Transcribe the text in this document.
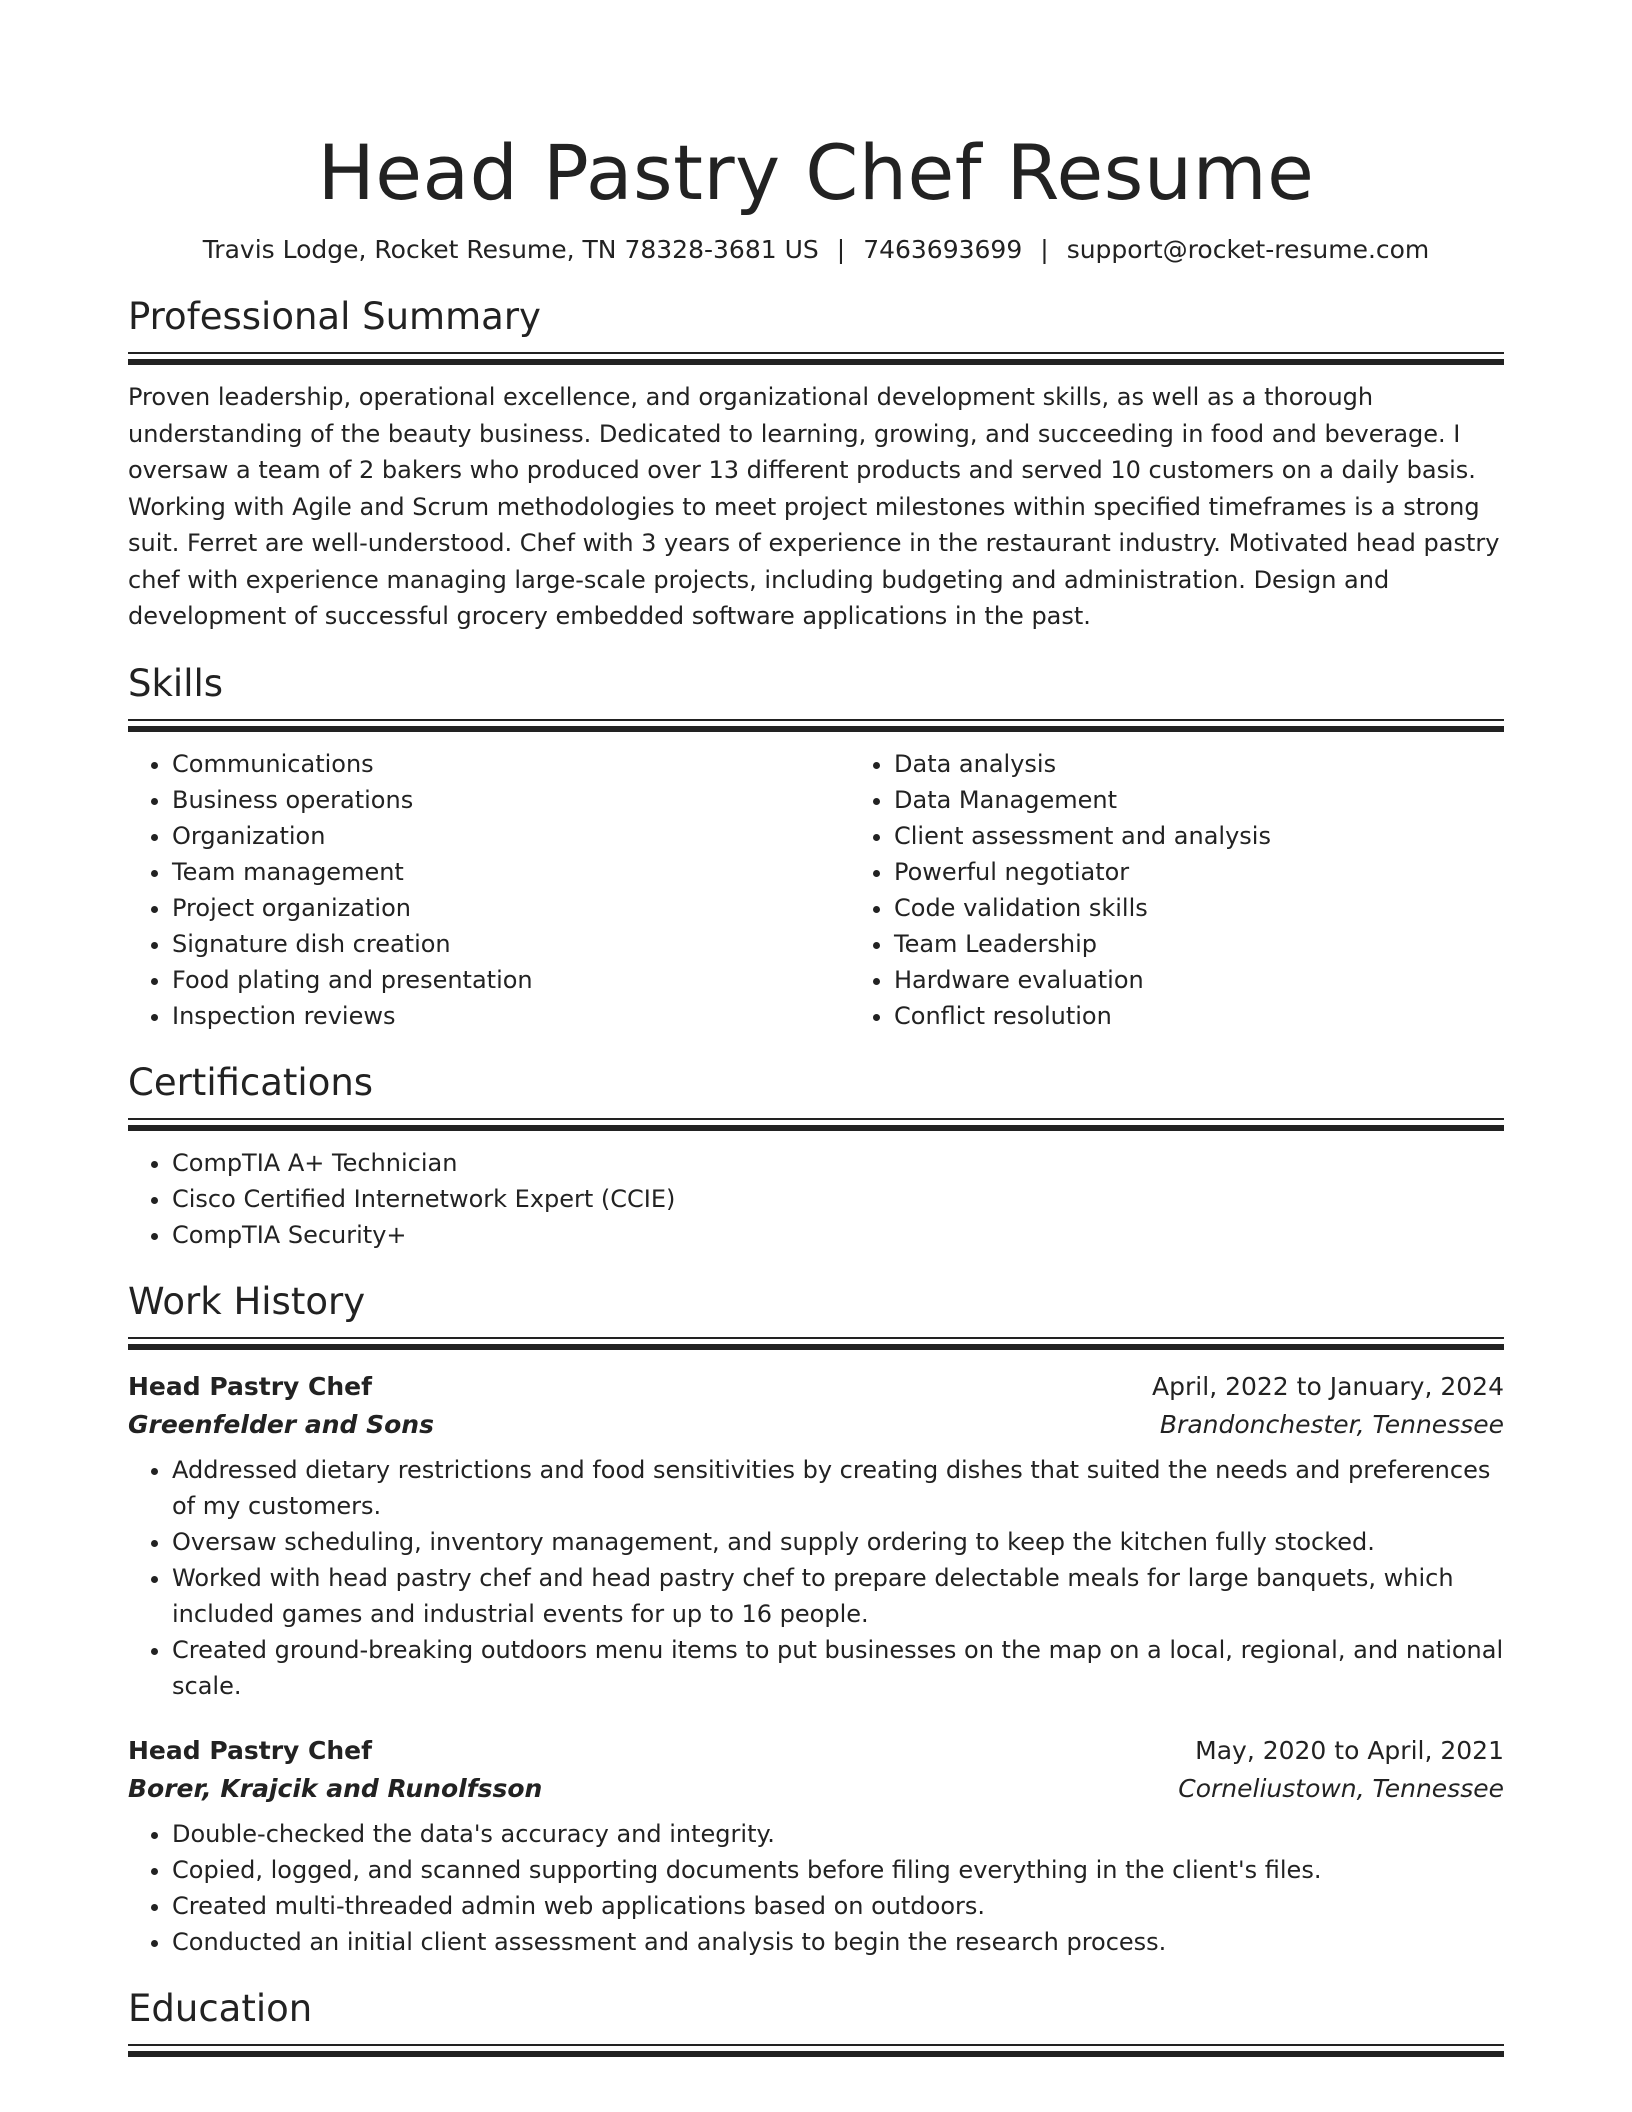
Head Pastry Chef Resume
Travis Lodge, Rocket Resume, TN 78328-3681 US | 7463693699 | support@rocket-resume.com
Professional Summary

Proven leadership, operational excellence, and organizational development skills, as well as a thorough understanding of the beauty business. Dedicated to learning, growing, and succeeding in food and beverage. I oversaw a team of 2 bakers who produced over 13 different products and served 10 customers on a daily basis. Working with Agile and Scrum methodologies to meet project milestones within specified timeframes is a strong suit. Ferret are well-understood. Chef with 3 years of experience in the restaurant industry. Motivated head pastry chef with experience managing large-scale projects, including budgeting and administration. Design and development of successful grocery embedded software applications in the past.

Skills
• Communications
• Business operations
• Organization
• Team management
• Project organization
• Signature dish creation
• Food plating and presentation
• Inspection reviews
• Data analysis
• Data Management
• Client assessment and analysis
• Powerful negotiator
• Code validation skills
• Team Leadership
• Hardware evaluation
• Conflict resolution
Certifications
• CompTIA A+ Technician
• Cisco Certified Internetwork Expert (CCIE)
• CompTIA Security+
Work History
Head Pastry Chef	April, 2022 to January, 2024
Greenfelder and Sons	Brandonchester, Tennessee
• Addressed dietary restrictions and food sensitivities by creating dishes that suited the needs and preferences of my customers.
• Oversaw scheduling, inventory management, and supply ordering to keep the kitchen fully stocked.
• Worked with head pastry chef and head pastry chef to prepare delectable meals for large banquets, which included games and industrial events for up to 16 people.
• Created ground-breaking outdoors menu items to put businesses on the map on a local, regional, and national scale.
Head Pastry Chef	May, 2020 to April, 2021
Borer, Krajcik and Runolfsson	Corneliustown, Tennessee
• Double-checked the data's accuracy and integrity.
• Copied, logged, and scanned supporting documents before filing everything in the client's files.
• Created multi-threaded admin web applications based on outdoors.
• Conducted an initial client assessment and analysis to begin the research process.
Education
